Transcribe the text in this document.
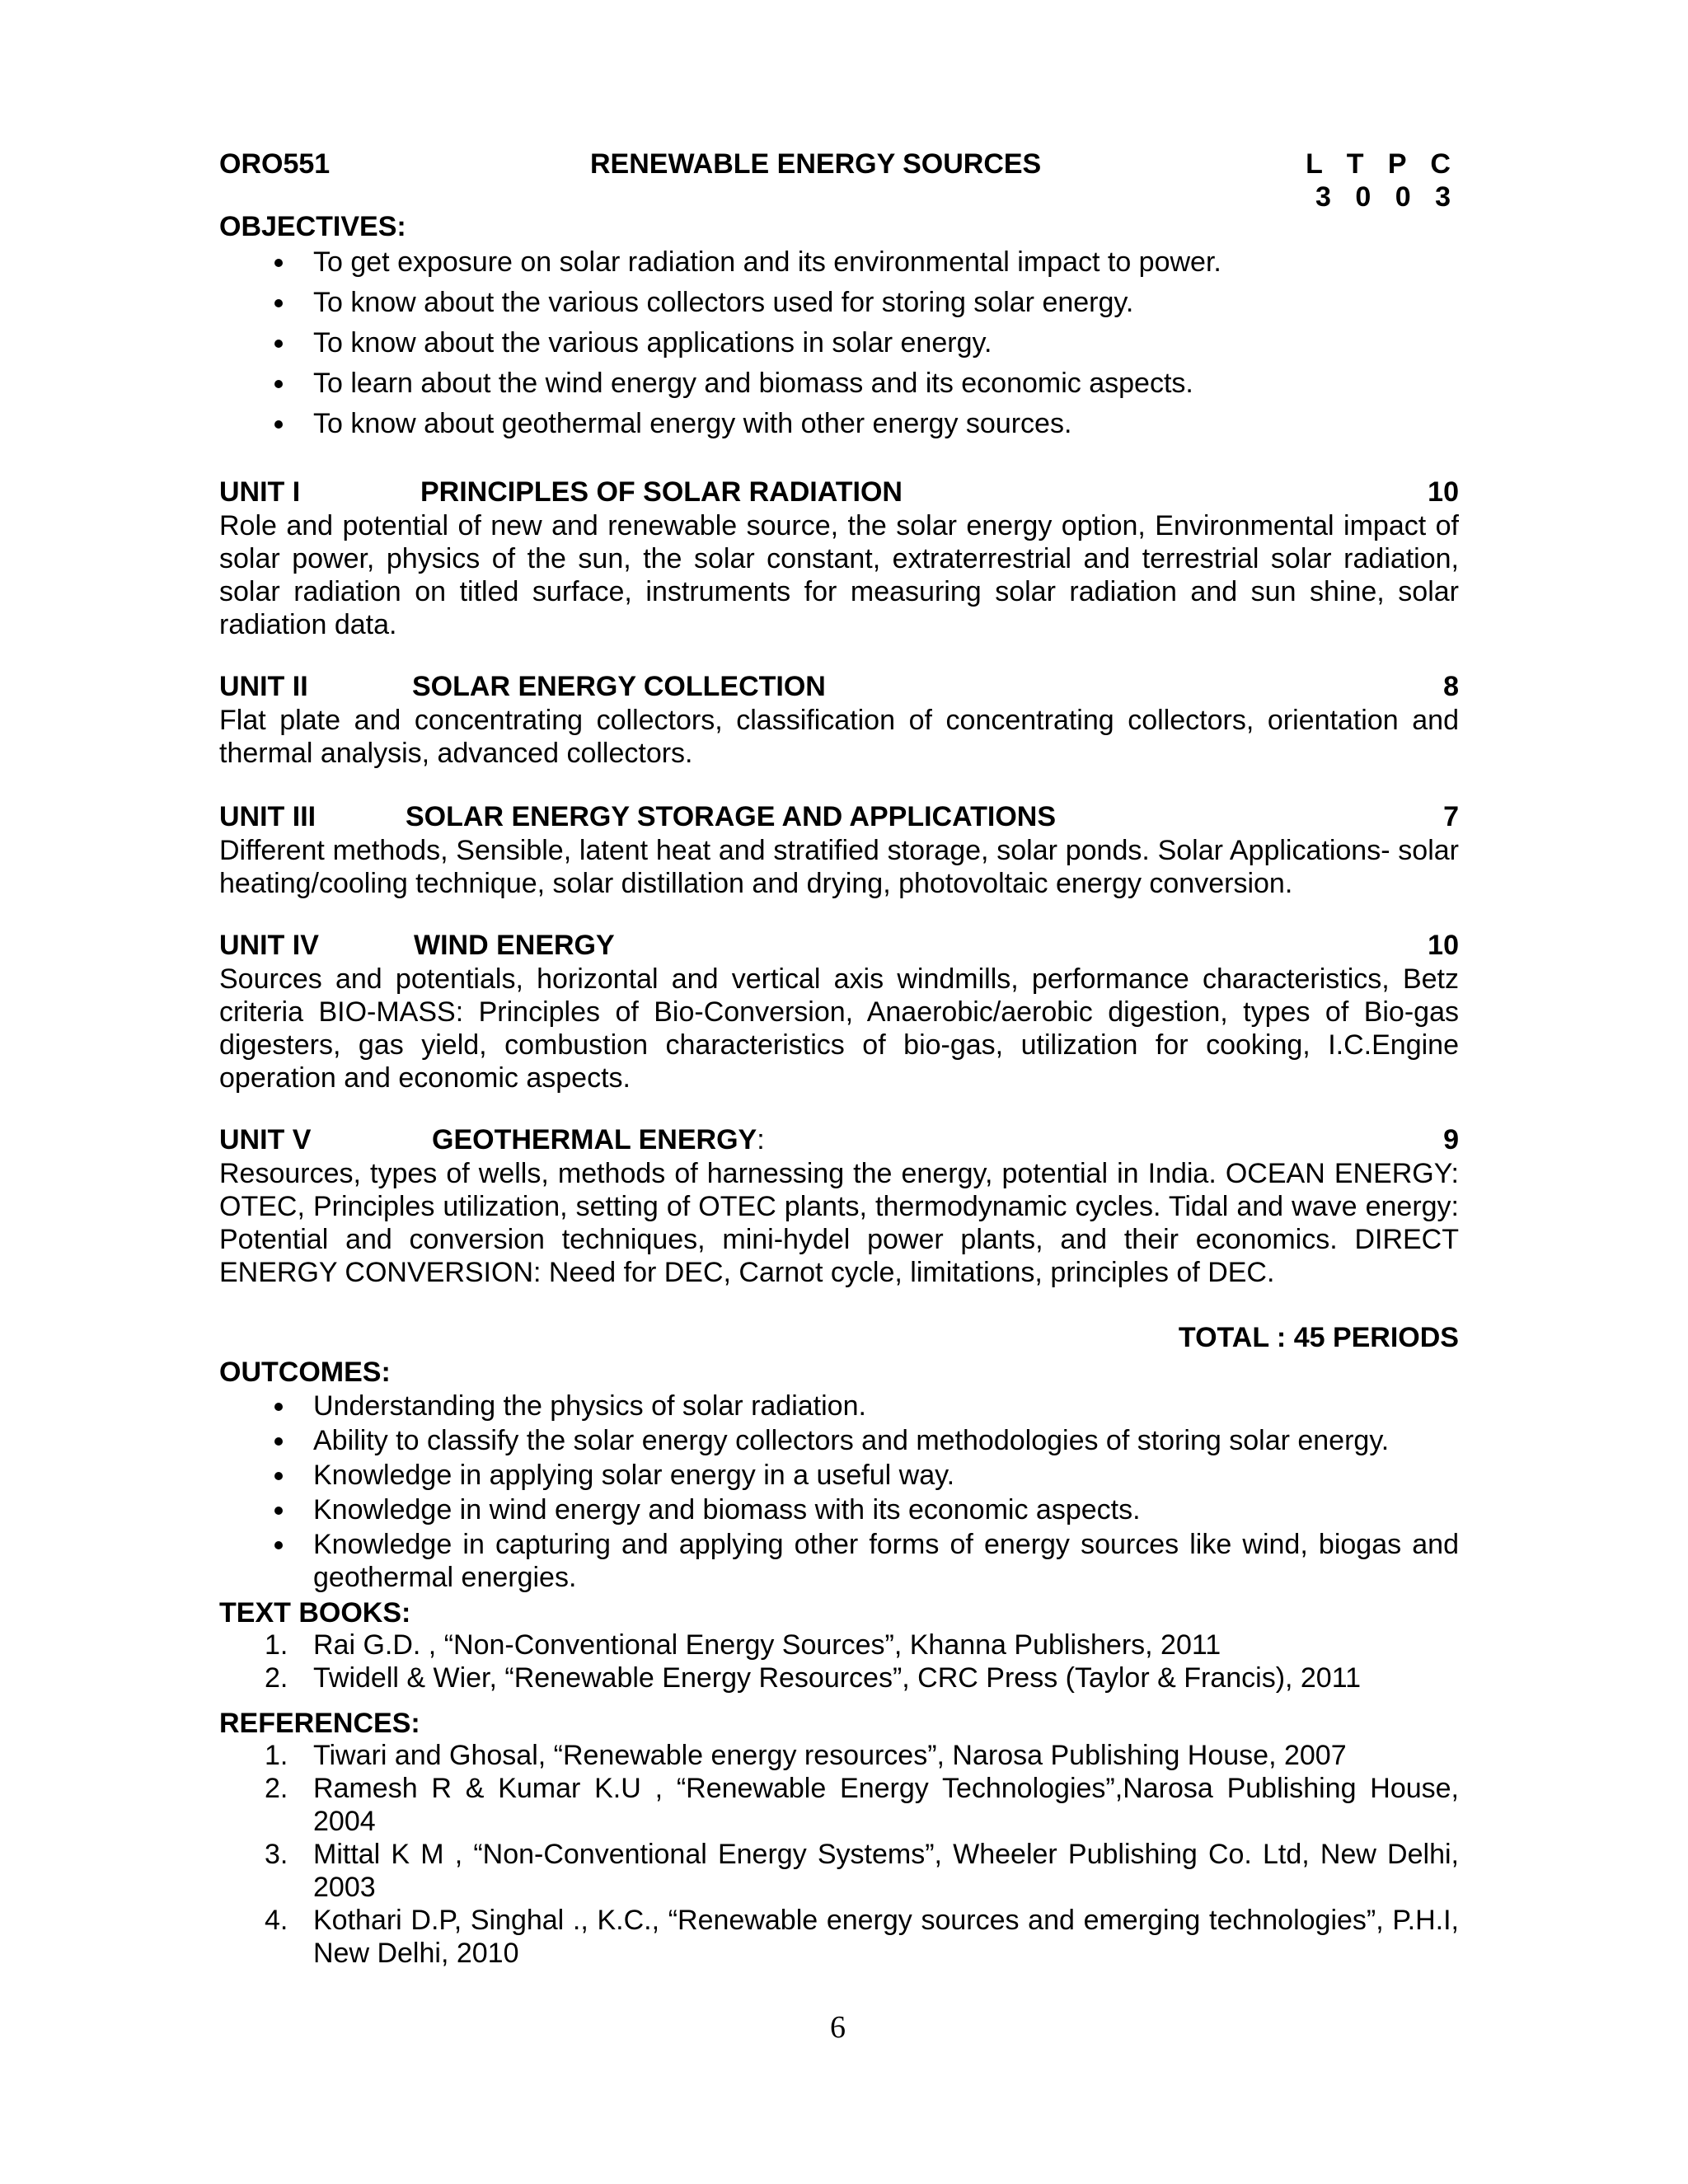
ORO551	RENEWABLE ENERGY SOURCES	L T P C
3 0 0 3
OBJECTIVES:
To get exposure on solar radiation and its environmental impact to power.
To know about the various collectors used for storing solar energy.
To know about the various applications in solar energy.
To learn about the wind energy and biomass and its economic aspects.
To know about geothermal energy with other energy sources.
UNIT I	PRINCIPLES OF SOLAR RADIATION	10
Role and potential of new and renewable source, the solar energy option, Environmental impact of solar power, physics of the sun, the solar constant, extraterrestrial and terrestrial solar radiation, solar radiation on titled surface, instruments for measuring solar radiation and sun shine, solar radiation data.
UNIT II	SOLAR ENERGY COLLECTION	8
Flat plate and concentrating collectors, classification of concentrating collectors, orientation and thermal analysis, advanced collectors.
UNIT III	SOLAR ENERGY STORAGE AND APPLICATIONS	7
Different methods, Sensible, latent heat and stratified storage, solar ponds. Solar Applications- solar heating/cooling technique, solar distillation and drying, photovoltaic energy conversion.
UNIT IV	WIND ENERGY	10
Sources and potentials, horizontal and vertical axis windmills, performance characteristics, Betz criteria BIO-MASS: Principles of Bio-Conversion, Anaerobic/aerobic digestion, types of Bio-gas digesters, gas yield, combustion characteristics of bio-gas, utilization for cooking, I.C.Engine operation and economic aspects.
UNIT V	GEOTHERMAL ENERGY:	9
Resources, types of wells, methods of harnessing the energy, potential in India. OCEAN ENERGY: OTEC, Principles utilization, setting of OTEC plants, thermodynamic cycles. Tidal and wave energy: Potential and conversion techniques, mini-hydel power plants, and their economics. DIRECT ENERGY CONVERSION: Need for DEC, Carnot cycle, limitations, principles of DEC.
TOTAL : 45 PERIODS
OUTCOMES:
Understanding the physics of solar radiation.
Ability to classify the solar energy collectors and methodologies of storing solar energy.
Knowledge in applying solar energy in a useful way.
Knowledge in wind energy and biomass with its economic aspects.
Knowledge in capturing and applying other forms of energy sources like wind, biogas and geothermal energies.
TEXT BOOKS:
1. Rai G.D. , “Non-Conventional Energy Sources”, Khanna Publishers, 2011
2. Twidell & Wier, “Renewable Energy Resources”, CRC Press (Taylor & Francis), 2011
REFERENCES:
1. Tiwari and Ghosal, “Renewable energy resources”, Narosa Publishing House, 2007
2. Ramesh R & Kumar K.U , “Renewable Energy Technologies”,Narosa Publishing House, 2004
3. Mittal K M , “Non-Conventional Energy Systems”, Wheeler Publishing Co. Ltd, New Delhi, 2003
4. Kothari D.P, Singhal ., K.C., “Renewable energy sources and emerging technologies”, P.H.I, New Delhi, 2010
6
